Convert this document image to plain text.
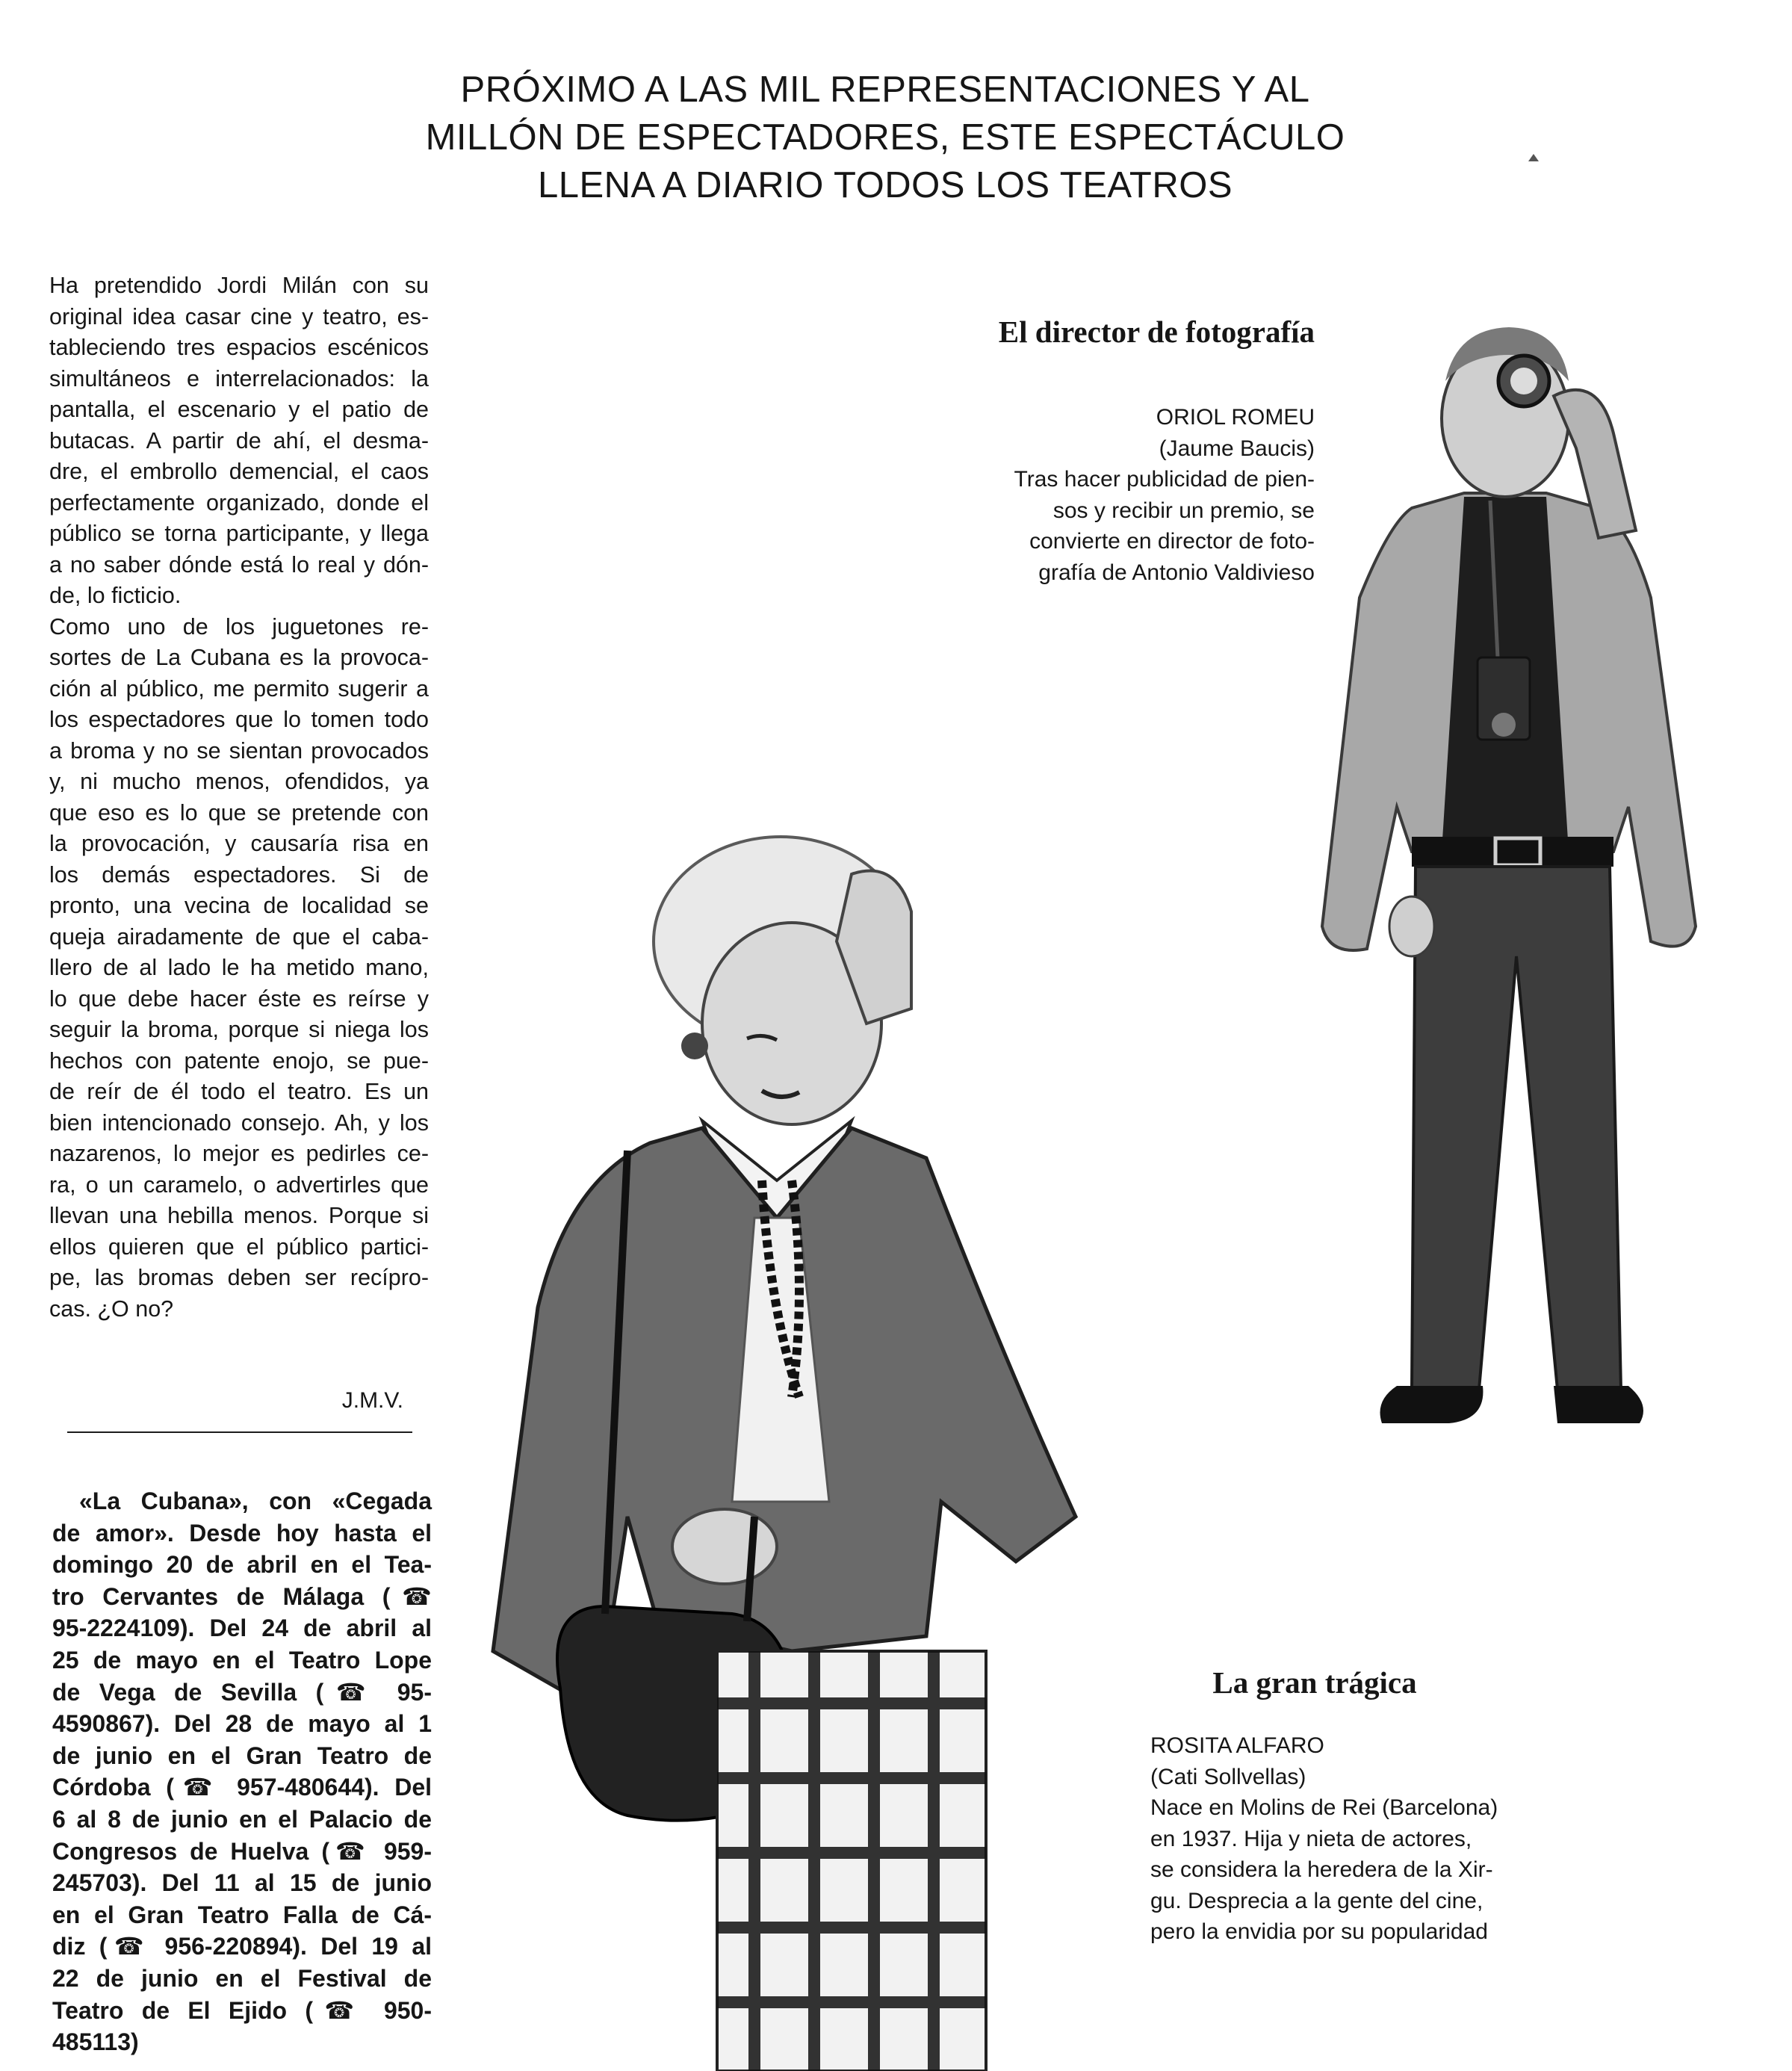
PRÓXIMO A LAS MIL REPRESENTACIONES Y AL
MILLÓN DE ESPECTADORES, ESTE ESPECTÁCULO
LLENA A DIARIO TODOS LOS TEATROS

Ha pretendido Jordi Milán con su
original idea casar cine y teatro, es-
tableciendo tres espacios escénicos
simultáneos e interrelacionados: la
pantalla, el escenario y el patio de
butacas. A partir de ahí, el desma-
dre, el embrollo demencial, el caos
perfectamente organizado, donde el
público se torna participante, y llega
a no saber dónde está lo real y dón-
de, lo ficticio.

Como uno de los juguetones re-
sortes de La Cubana es la provoca-
ción al público, me permito sugerir a
los espectadores que lo tomen todo
a broma y no se sientan provocados
y, ni mucho menos, ofendidos, ya
que eso es lo que se pretende con
la provocación, y causaría risa en
los demás espectadores. Si de
pronto, una vecina de localidad se
queja airadamente de que el caba-
llero de al lado le ha metido mano,
lo que debe hacer éste es reírse y
seguir la broma, porque si niega los
hechos con patente enojo, se pue-
de reír de él todo el teatro. Es un
bien intencionado consejo. Ah, y los
nazarenos, lo mejor es pedirles ce-
ra, o un caramelo, o advertirles que
llevan una hebilla menos. Porque si
ellos quieren que el público partici-
pe, las bromas deben ser recípro-
cas. ¿O no?

J.M.V.
«La Cubana», con «Cegada
de amor». Desde hoy hasta el
domingo 20 de abril en el Tea-
tro Cervantes de Málaga (☎
95-2224109). Del 24 de abril al
25 de mayo en el Teatro Lope
de Vega de Sevilla (☎ 95-
4590867). Del 28 de mayo al 1
de junio en el Gran Teatro de
Córdoba (☎ 957-480644). Del
6 al 8 de junio en el Palacio de
Congresos de Huelva (☎ 959-
245703). Del 11 al 15 de junio
en el Gran Teatro Falla de Cá-
diz (☎ 956-220894). Del 19 al
22 de junio en el Festival de
Teatro de El Ejido (☎ 950-
485113)
El director de fotografía
ORIOL ROMEU
(Jaume Baucis)
Tras hacer publicidad de pien-
sos y recibir un premio, se
convierte en director de foto-
grafía de Antonio Valdivieso
La gran trágica
ROSITA ALFARO
(Cati Sollvellas)
Nace en Molins de Rei (Barcelona)
en 1937. Hija y nieta de actores,
se considera la heredera de la Xir-
gu. Desprecia a la gente del cine,
pero la envidia por su popularidad
